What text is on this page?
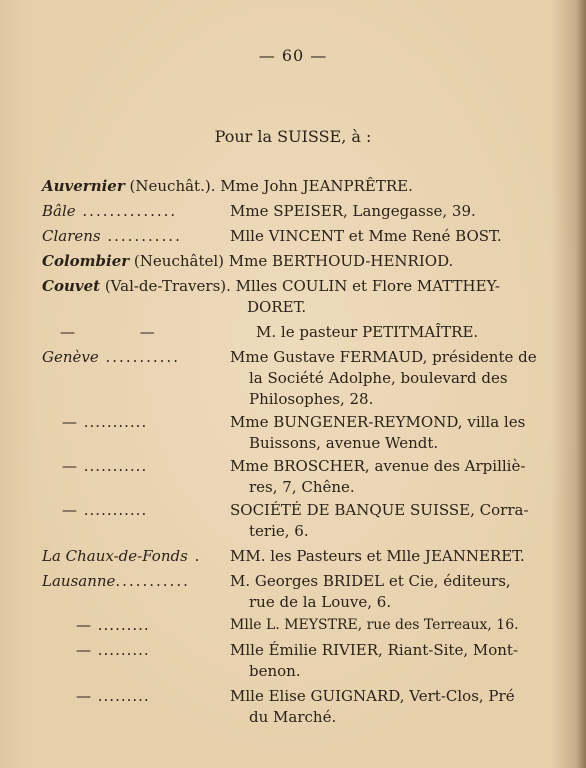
— 60 —
Pour la SUISSE, à :
Auvernier (Neuchât.). Mme John JEANPRÊTRE.
Bâle ..............	Mme SPEISER, Langegasse, 39.
Clarens ...........	Mlle VINCENT et Mme René BOST.
Colombier (Neuchâtel) Mme BERTHOUD-HENRIOD.
Couvet (Val-de-Travers). Mlles COULIN et Flore MATTHEY-
DORET.
— —	M. le pasteur PETITMAÎTRE.
Genève ...........	Mme Gustave FERMAUD, présidente de
la Société Adolphe, boulevard des
Philosophes, 28.
— ...........	Mme BUNGENER-REYMOND, villa les
Buissons, avenue Wendt.
— ...........	Mme BROSCHER, avenue des Arpilliè-
res, 7, Chêne.
— ...........	SOCIÉTÉ DE BANQUE SUISSE, Corra-
terie, 6.
La Chaux-de-Fonds .	MM. les Pasteurs et Mlle JEANNERET.
Lausanne...........	M. Georges BRIDEL et Cie, éditeurs,
rue de la Louve, 6.
— .........	Mlle L. MEYSTRE, rue des Terreaux, 16.
— .........	Mlle Émilie RIVIER, Riant-Site, Mont-
benon.
— .........	Mlle Elise GUIGNARD, Vert-Clos, Pré
du Marché.
